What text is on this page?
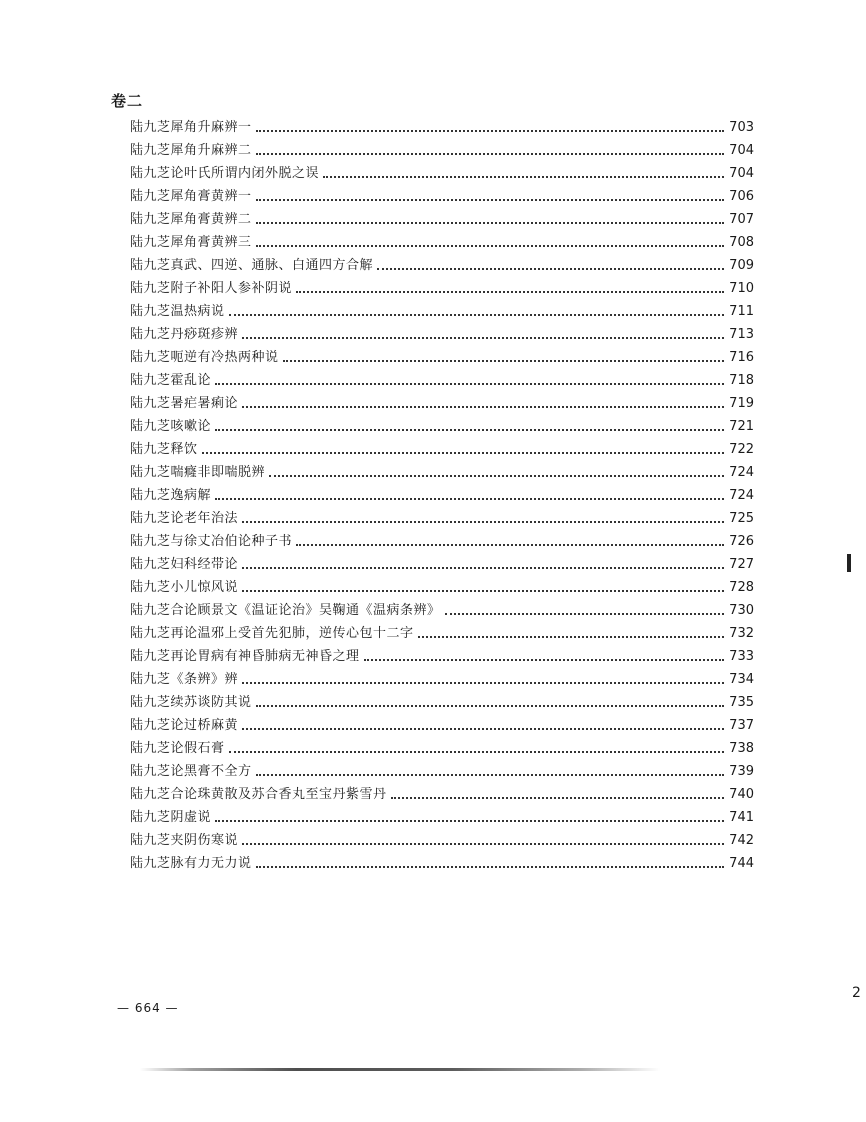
卷二
陆九芝犀角升麻辨一	703
陆九芝犀角升麻辨二	704
陆九芝论叶氏所谓内闭外脱之误	704
陆九芝犀角膏黄辨一	706
陆九芝犀角膏黄辨二	707
陆九芝犀角膏黄辨三	708
陆九芝真武、四逆、通脉、白通四方合解	709
陆九芝附子补阳人参补阴说	710
陆九芝温热病说	711
陆九芝丹痧斑疹辨	713
陆九芝呃逆有冷热两种说	716
陆九芝霍乱论	718
陆九芝暑疟暑痢论	719
陆九芝咳嗽论	721
陆九芝释饮	722
陆九芝喘癃非即喘脱辨	724
陆九芝逸病解	724
陆九芝论老年治法	725
陆九芝与徐丈冶伯论种子书	726
陆九芝妇科经带论	727
陆九芝小儿惊风说	728
陆九芝合论顾景文《温证论治》吴鞠通《温病条辨》	730
陆九芝再论温邪上受首先犯肺，逆传心包十二字	732
陆九芝再论胃病有神昏肺病无神昏之理	733
陆九芝《条辨》辨	734
陆九芝续苏谈防其说	735
陆九芝论过桥麻黄	737
陆九芝论假石膏	738
陆九芝论黑膏不全方	739
陆九芝合论珠黄散及苏合香丸至宝丹紫雪丹	740
陆九芝阴虚说	741
陆九芝夹阴伤寒说	742
陆九芝脉有力无力说	744
2
— 664 —
